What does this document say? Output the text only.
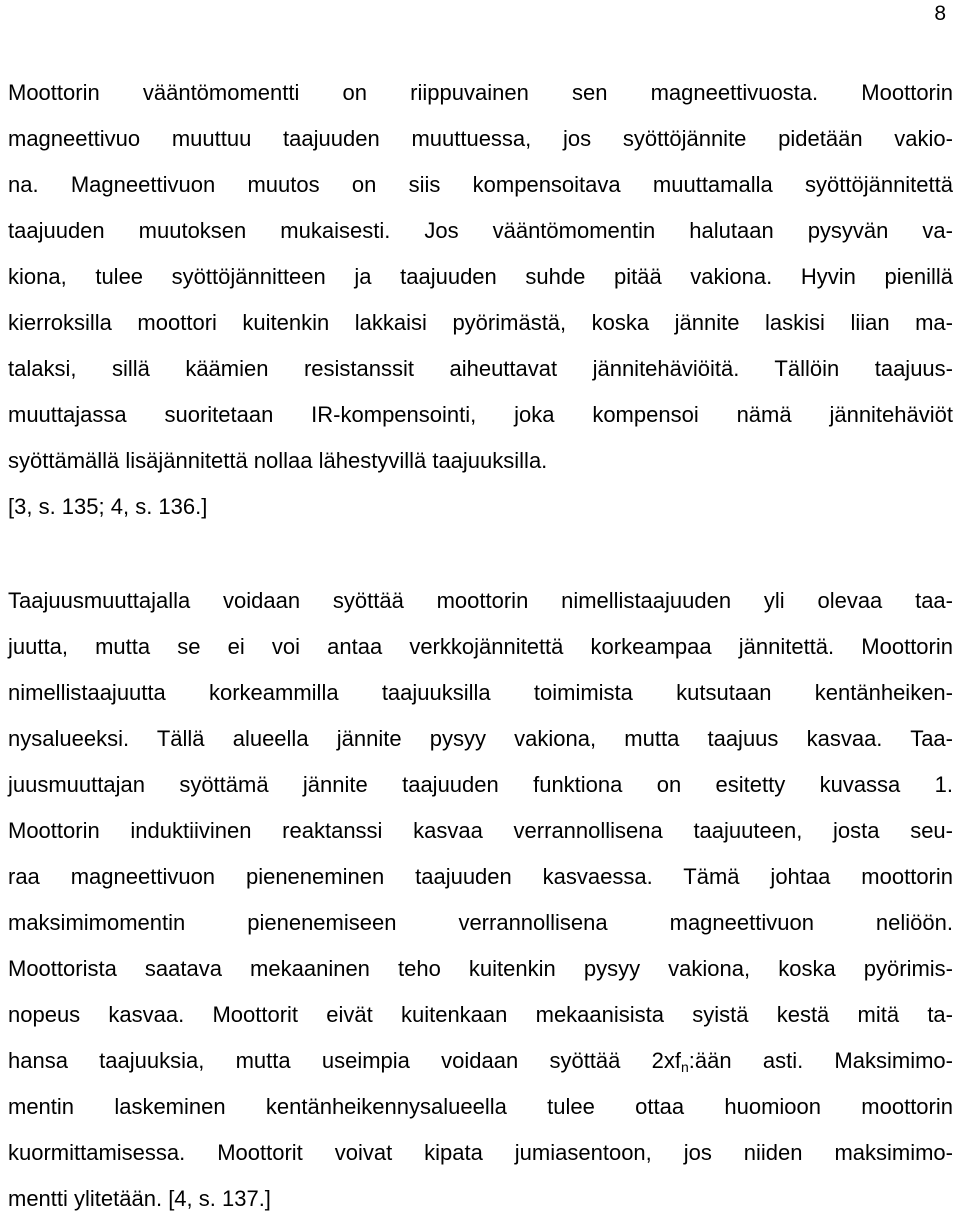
8
Moottorin vääntömomentti on riippuvainen sen magneettivuosta. Moottorin
magneettivuo muuttuu taajuuden muuttuessa, jos syöttöjännite pidetään vakio-
na. Magneettivuon muutos on siis kompensoitava muuttamalla syöttöjännitettä
taajuuden muutoksen mukaisesti. Jos vääntömomentin halutaan pysyvän va-
kiona, tulee syöttöjännitteen ja taajuuden suhde pitää vakiona. Hyvin pienillä
kierroksilla moottori kuitenkin lakkaisi pyörimästä, koska jännite laskisi liian ma-
talaksi, sillä käämien resistanssit aiheuttavat jännitehäviöitä. Tällöin taajuus-
muuttajassa suoritetaan IR-kompensointi, joka kompensoi nämä jännitehäviöt
syöttämällä lisäjännitettä nollaa lähestyvillä taajuuksilla.
[3, s. 135; 4, s. 136.]
Taajuusmuuttajalla voidaan syöttää moottorin nimellistaajuuden yli olevaa taa-
juutta, mutta se ei voi antaa verkkojännitettä korkeampaa jännitettä. Moottorin
nimellistaajuutta korkeammilla taajuuksilla toimimista kutsutaan kentänheiken-
nysalueeksi. Tällä alueella jännite pysyy vakiona, mutta taajuus kasvaa. Taa-
juusmuuttajan syöttämä jännite taajuuden funktiona on esitetty kuvassa 1.
Moottorin induktiivinen reaktanssi kasvaa verrannollisena taajuuteen, josta seu-
raa magneettivuon pieneneminen taajuuden kasvaessa. Tämä johtaa moottorin
maksimimomentin pienenemiseen verrannollisena magneettivuon neliöön.
Moottorista saatava mekaaninen teho kuitenkin pysyy vakiona, koska pyörimis-
nopeus kasvaa. Moottorit eivät kuitenkaan mekaanisista syistä kestä mitä ta-
hansa taajuuksia, mutta useimpia voidaan syöttää $2xf_n:ään$ asti. Maksimimo-
mentin laskeminen kentänheikennysalueella tulee ottaa huomioon moottorin
kuormittamisessa. Moottorit voivat kipata jumiasentoon, jos niiden maksimimo-
mentti ylitetään. [4, s. 137.]
